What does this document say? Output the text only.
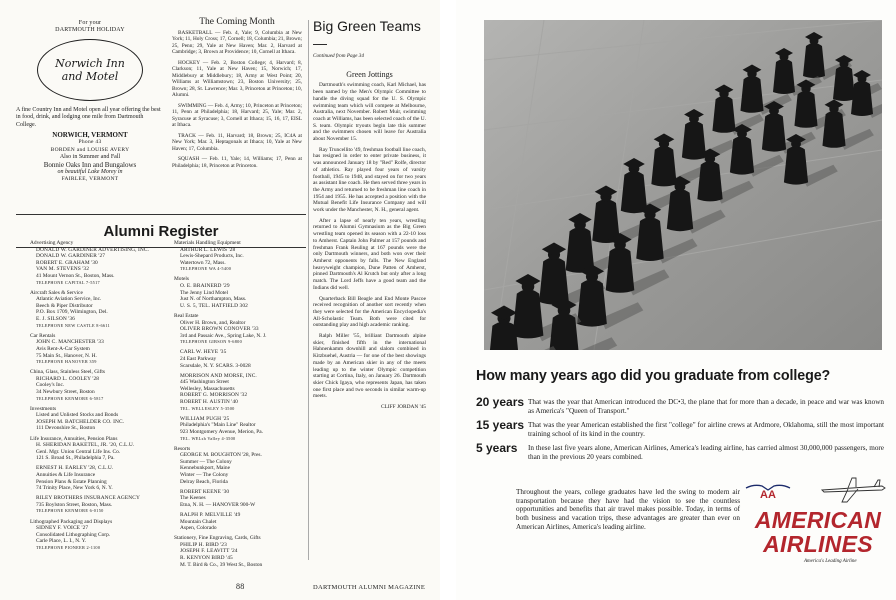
For your
DARTMOUTH HOLIDAY
Norwich Inn
and Motel
A fine Country Inn and Motel open all year offering the best in food, drink, and lodging one mile from Dartmouth College.
NORWICH, VERMONT
Phone 43
BORDEN and LOUISE AVERY
Also in Summer and Fall
Bonnie Oaks Inn and Bungalows
on beautiful Lake Morey in
FAIRLEE, VERMONT
The Coming Month

BASKETBALL — Feb. 4, Yale; 9, Columbia at New York; 11, Holy Cross; 17, Cornell; 18, Columbia; 21, Brown; 25, Penn; 29, Yale at New Haven; Mar. 2, Harvard at Cambridge; 3, Brown at Providence; 10, Cornell at Ithaca.

HOCKEY — Feb. 2, Boston College; 4, Harvard; 8, Clarkson; 11, Yale at New Haven; 15, Norwich; 17, Middlebury at Middlebury; 18, Army at West Point; 20, Williams at Williamstown; 23, Boston University; 25, Brown; 28, St. Lawrence; Mar. 3, Princeton at Princeton; 10, Alumni.

SWIMMING — Feb. 4, Army; 10, Princeton at Princeton; 11, Penn at Philadelphia; 18, Harvard; 25, Yale; Mar. 2, Syracuse at Syracuse; 3, Cornell at Ithaca; 15, 16, 17, EISL at Ithaca.

TRACK — Feb. 11, Harvard; 18, Brown; 25, IC4A at New York; Mar. 3, Heptagonals at Ithaca; 10, Yale at New Haven; 17, Columbia.

SQUASH — Feb. 11, Yale; 14, Williams; 17, Penn at Philadelphia; 18, Princeton at Princeton.

Alumni Register
Advertising Agency
DONALD W. GARDINER ADVERTISING, INC.
DONALD W. GARDINER '27
ROBERT E. GRAHAM '30
VAN M. STEVENS '32
41 Mount Vernon St., Boston, Mass.
TELEPHONE CAPITAL 7-5517
Aircraft Sales & Service
Atlantic Aviation Service, Inc.
Beech & Piper Distributor
P.O. Box 1709, Wilmington, Del.
E. J. SILSON '36
TELEPHONE NEW CASTLE 8-6611
Car Rentals
JOHN C. MANCHESTER '33
Avis Rent-A-Car System
75 Main St., Hanover, N. H.
TELEPHONE HANOVER 359
China, Glass, Stainless Steel, Gifts
RICHARD L. COOLEY '28
Cooley's Inc.
34 Newbury Street, Boston
TELEPHONE KENMORE 6-5817
Investments
Listed and Unlisted Stocks and Bonds
JOSEPH M. BATCHELDER CO. INC.
111 Devonshire St., Boston
Life Insurance, Annuities, Pension Plans
H. SHERIDAN BAKETEL, JR. '20, C.L.U.
Genl. Mgr. Union Central Life Ins. Co.
121 S. Broad St., Philadelphia 7, Pa.
ERNEST H. EARLEY '28, C.L.U.
Annuities & Life Insurance
Pension Plans & Estate Planning
74 Trinity Place, New York 6, N. Y.
RILEY BROTHERS INSURANCE AGENCY
735 Boylston Street, Boston, Mass.
TELEPHONE KENMORE 6-0150
Lithographed Packaging and Displays
SIDNEY F. VOICE '27
Consolidated Lithographing Corp.
Carle Place, L. I., N. Y.
TELEPHONE PIONEER 2-1100
Materials Handling Equipment
ARTHUR L. LEWIS '28
Lewis-Shepard Products, Inc.
Watertown 72, Mass.
TELEPHONE WA 4-5400
Motels
O. E. BRAINERD '29
The Jenny Lind Motel
Just N. of Northampton, Mass.
U. S. 5, TEL. HATFIELD 302
Real Estate
Oliver H. Brown, and, Realtor
OLIVER BROWN CONOVER '33
3rd and Passaic Ave., Spring Lake, N. J.
TELEPHONE GIBSON 9-6800
CARL W. HEYE '35
24 East Parkway
Scarsdale, N. Y. SCARS. 3-0028
MORRISON AND MORSE, INC.
445 Washington Street
Wellesley, Massachusetts
ROBERT G. MORRISON '32
ROBERT H. AUSTIN '40
TEL. WELLESLEY 5-3500
WILLIAM PUGH '25
Philadelphia's "Main Line" Realtor
923 Montgomery Avenue, Merion, Pa.
TEL. WELsh Valley 4-3500
Resorts
GEORGE M. BOUGHTON '28, Pres.
Summer — The Colony
Kennebunkport, Maine
Winter — The Colony
Delray Beach, Florida
ROBERT KEENE '30
The Keenes
Etna, N. H. — HANOVER 900-W
RALPH P. MELVILLE '49
Mountain Chalet
Aspen, Colorado
Stationery, Fine Engraving, Cards, Gifts
PHILIP H. BIRD '23
JOSEPH F. LEAVITT '24
R. KENYON BIRD '45
M. T. Bird & Co., 39 West St., Boston
Big Green Teams—
Continued from Page 34
Green Jottings

Dartmouth's swimming coach, Karl Michael, has been named by the Men's Olympic Committee to handle the diving squad for the U. S. Olympic swimming team which will compete at Melbourne, Australia, next November. Robert Muir, swimming coach at Williams, has been selected coach of the U. S. team. Olympic tryouts begin late this summer and the swimmers chosen will leave for Australia about November 15.

Ray Truncellito '49, freshman football line coach, has resigned in order to enter private business, it was announced January 18 by "Red" Rolfe, director of athletics. Ray played four years of varsity football, 1945 to 1948, and stayed on for two years as assistant line coach. He then served three years in the Army and returned to be freshman line coach in 1954 and 1955. He has accepted a position with the Mutual Benefit Life Insurance Company and will work under the Manchester, N. H., general agent.

After a lapse of nearly ten years, wrestling returned to Alumni Gymnasium as the Big Green wrestling team opened its season with a 22-10 loss to Amherst. Captain John Palmer at 157 pounds and freshman Frank Reuling at 167 pounds were the only Dartmouth winners, and both won over their Amherst opponents by falls. The New England heavyweight champion, Dune Patten of Amherst, pinned Dartmouth's Al Krutch but only after a long match. The Lord Jeffs have a good team and the Indians did well.

Quarterback Bill Beagle and End Monte Pascoe received recognition of another sort recently when they were selected for the American Encyclopedia's All-Scholastic Team. Both were cited for outstanding play and high academic ranking.

Ralph Miller '55, brilliant Dartmouth alpine skier, finished fifth in the international Hahnenkamm downhill and slalom combined in Kitzbuehel, Austria — for one of the best showings made by an American skier in any of the meets leading up to the winter Olympic competition starting at Cortina, Italy, on January 26. Dartmouth skier Chick Igaya, who represents Japan, has taken one first place and two seconds in similar warm-up meets.

CLIFF JORDAN '45
88	DARTMOUTH ALUMNI MAGAZINE
How many years ago did you graduate from college?
20 years That was the year that American introduced the DC•3, the plane that for more than a decade, in peace and war was known as America's "Queen of Transport."
15 years That was the year American established the first "college" for airline crews at Ardmore, Oklahoma, still the most important training school of its kind in the country.
5 years	In these last five years alone, American Airlines, America's leading airline, has carried almost 30,000,000 passengers, more than in the previous 20 years combined.
Throughout the years, college graduates have led the swing to modern air transportation because they have had the vision to see the countless opportunities and benefits that air travel makes possible. Today, in terms of both business and vacation trips, these advantages are greater than ever on American Airlines, America's leading airline.
AA
AMERICAN
AIRLINES
America's Leading Airline
